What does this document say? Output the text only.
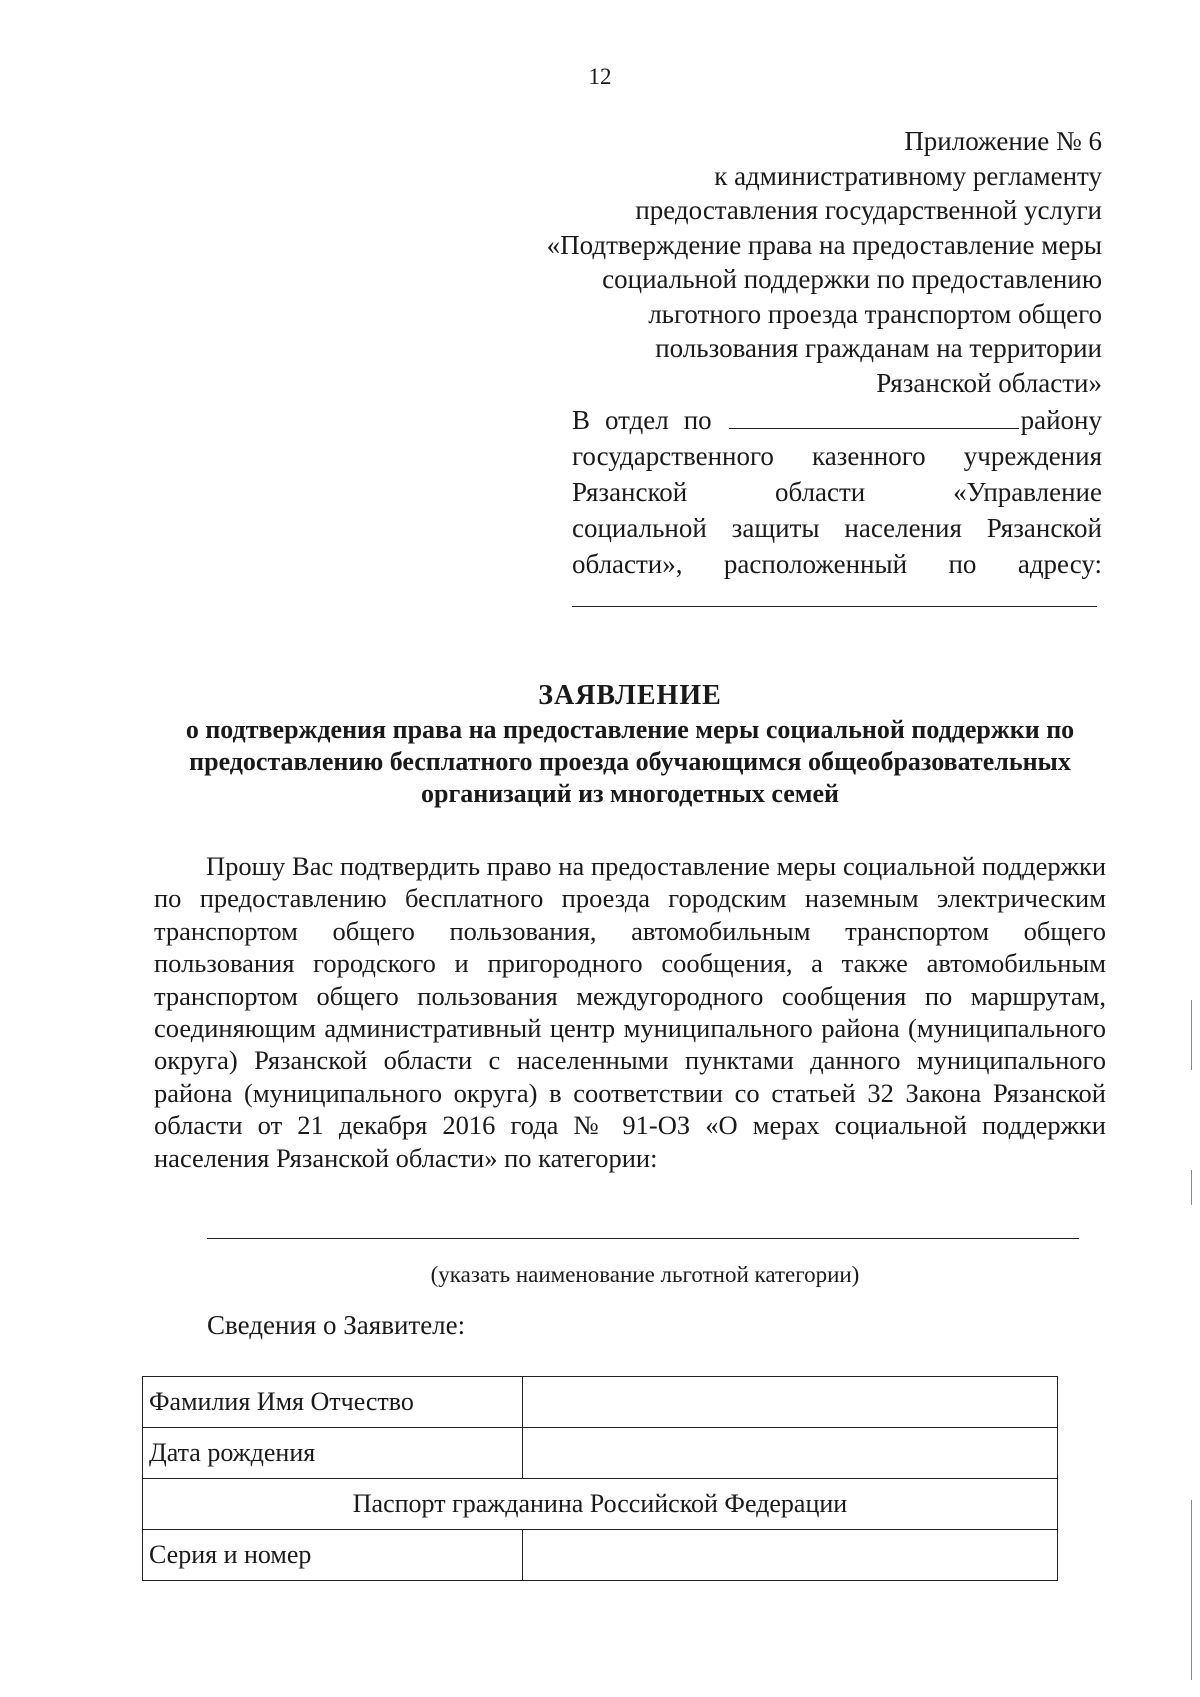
12
Приложение № 6
к административному регламенту
предоставления государственной услуги
«Подтверждение права на предоставление меры
социальной поддержки по предоставлению
льготного проезда транспортом общего
пользования гражданам на территории
Рязанской области»
В отдел по	району
государственного казенного учреждения
Рязанской области «Управление
социальной защиты населения Рязанской
области», расположенный по адресу:
ЗАЯВЛЕНИЕ
о подтверждения права на предоставление меры социальной поддержки по предоставлению бесплатного проезда обучающимся общеобразовательных организаций из многодетных семей

Прошу Вас подтвердить право на предоставление меры социальной поддержки по предоставлению бесплатного проезда городским наземным электрическим транспортом общего пользования, автомобильным транспортом общего пользования городского и пригородного сообщения, а также автомобильным транспортом общего пользования междугородного сообщения по маршрутам, соединяющим административный центр муниципального района (муниципального округа) Рязанской области с населенными пунктами данного муниципального района (муниципального округа) в соответствии со статьей 32 Закона Рязанской области от 21 декабря 2016 года № 91-ОЗ «О мерах социальной поддержки населения Рязанской области» по категории:

(указать наименование льготной категории)
Сведения о Заявителе:
Фамилия Имя Отчество	
Дата рождения	
Паспорт гражданина Российской Федерации	
Серия и номер	
